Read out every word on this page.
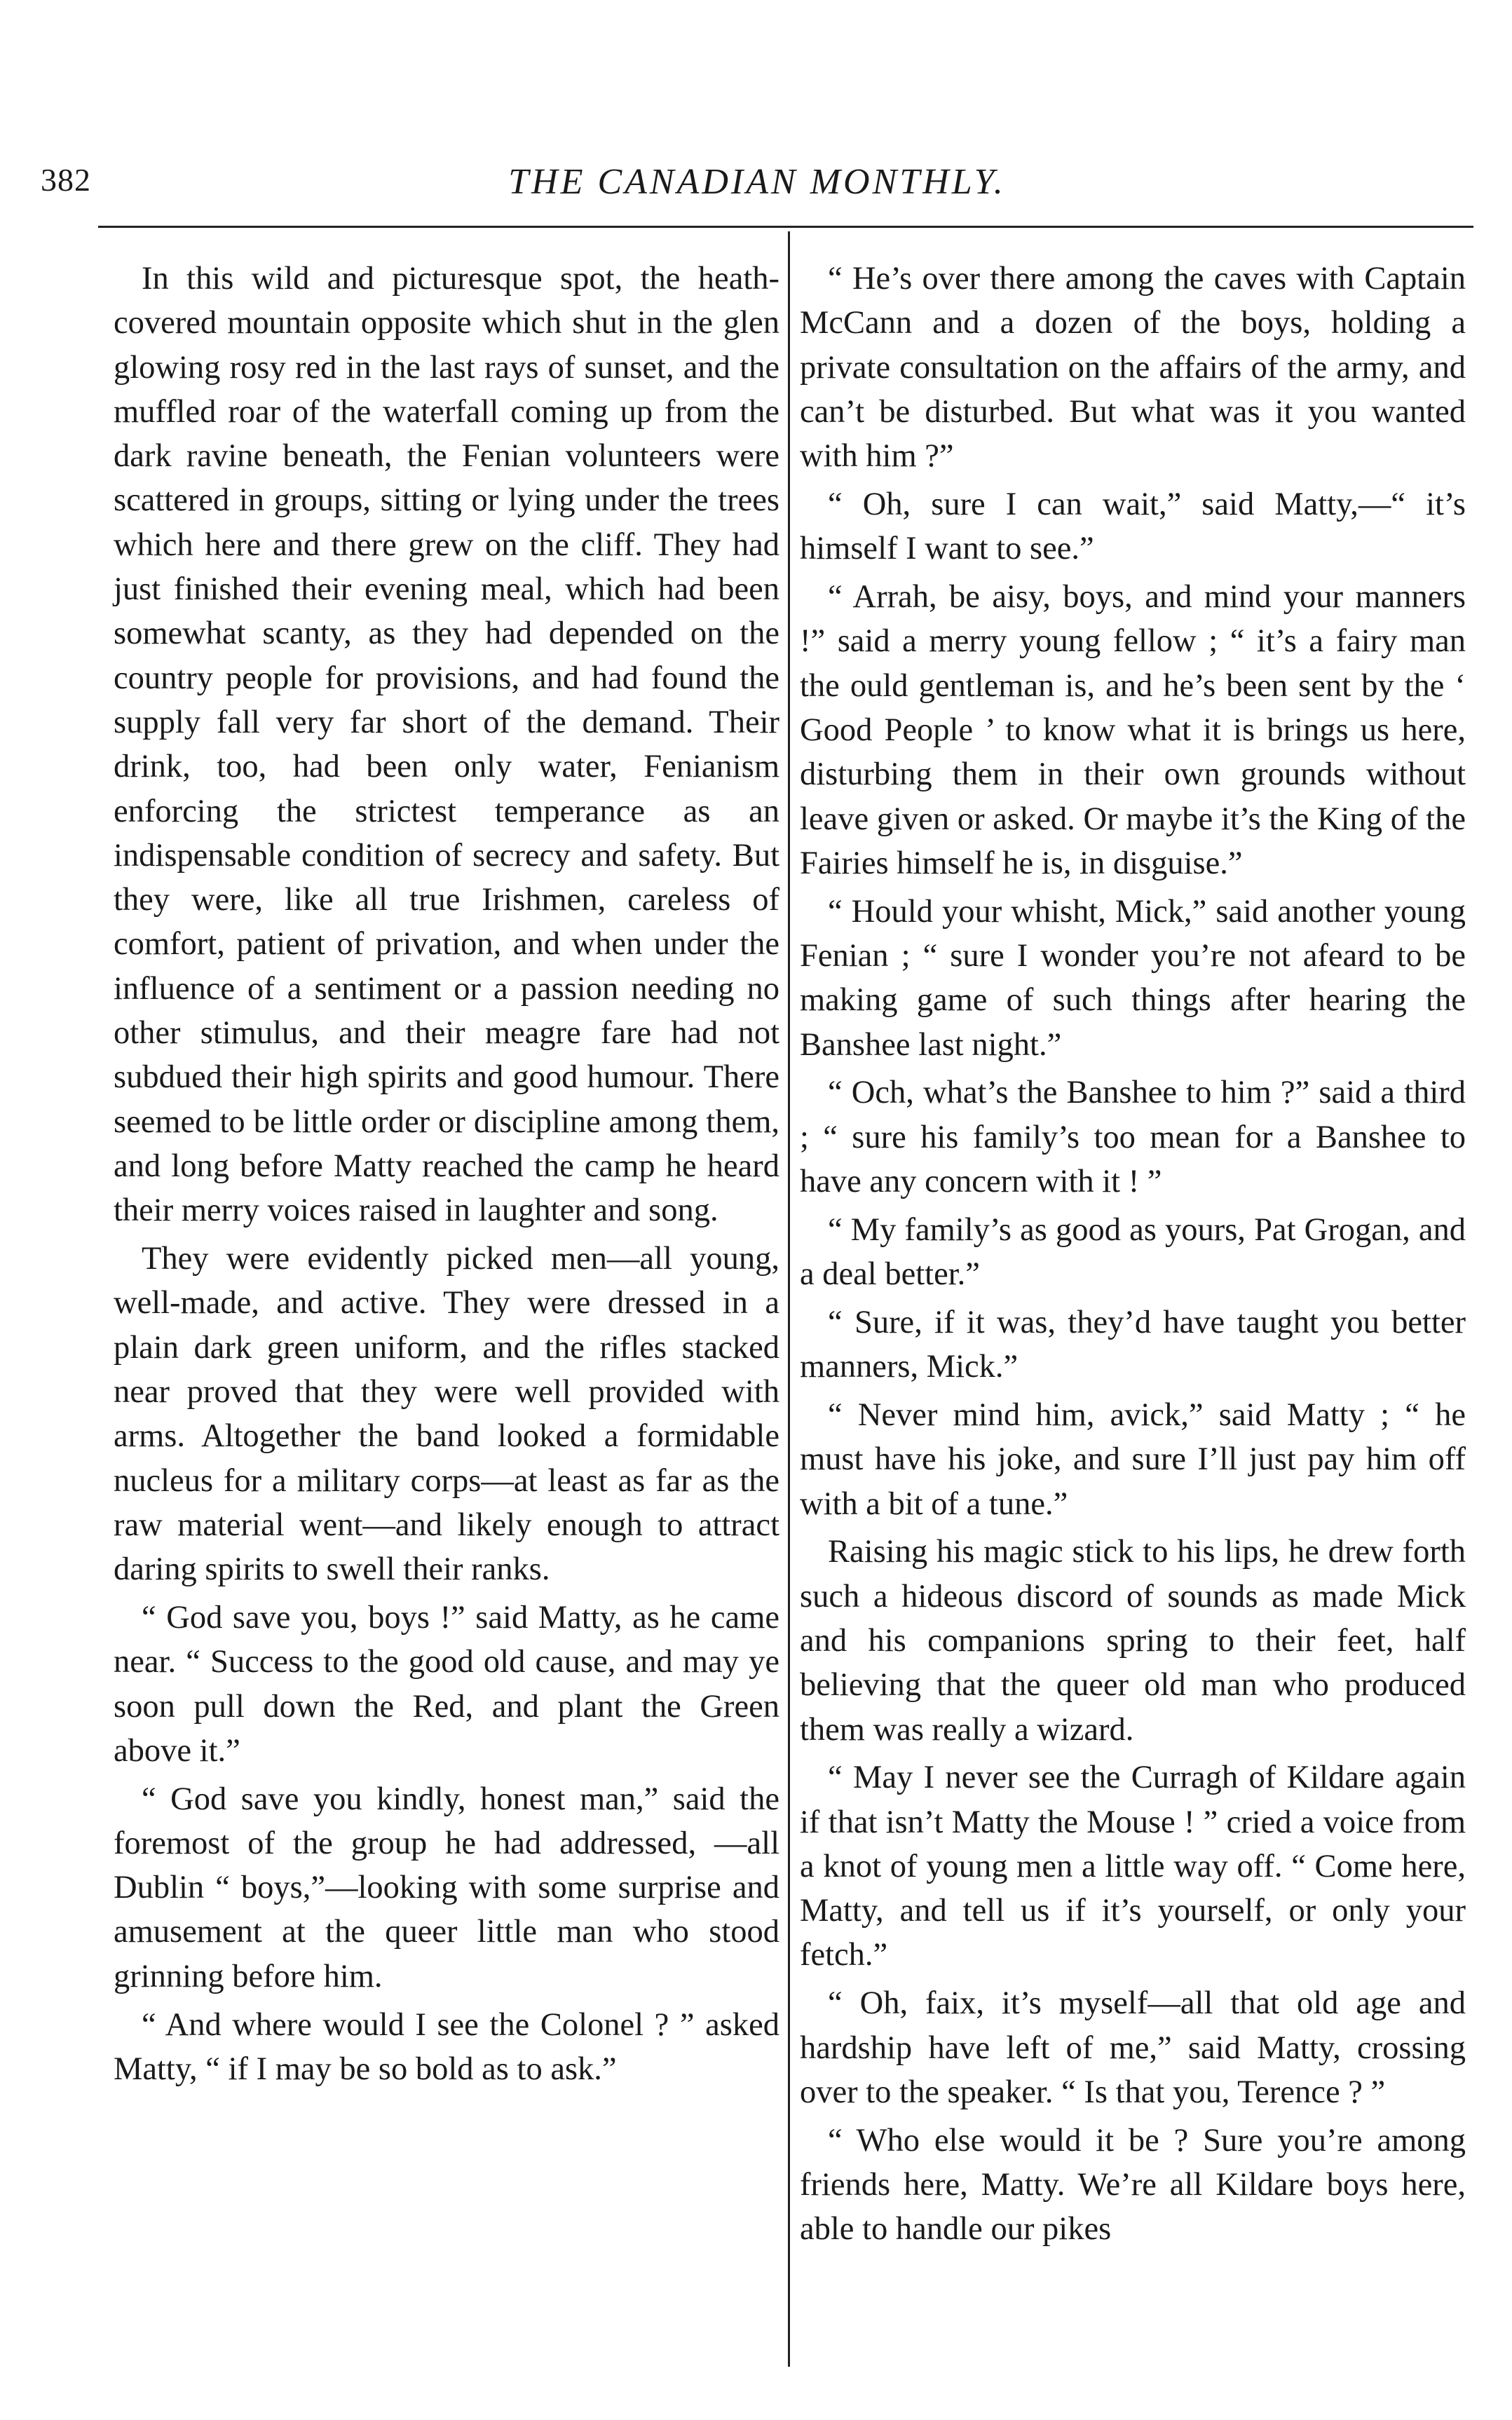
382	THE CANADIAN MONTHLY.

In this wild and picturesque spot, the heath-covered mountain opposite which shut in the glen glowing rosy red in the last rays of sunset, and the muffled roar of the waterfall coming up from the dark ravine beneath, the Fenian volunteers were scattered in groups, sitting or lying under the trees which here and there grew on the cliff. They had just finished their evening meal, which had been somewhat scanty, as they had depended on the country people for provisions, and had found the supply fall very far short of the demand. Their drink, too, had been only water, Fenianism enforcing the strictest temperance as an indispensable condition of secrecy and safety. But they were, like all true Irishmen, careless of comfort, patient of privation, and when under the influence of a sentiment or a passion needing no other stimulus, and their meagre fare had not subdued their high spirits and good humour. There seemed to be little order or discipline among them, and long before Matty reached the camp he heard their merry voices raised in laughter and song.

They were evidently picked men—all young, well-made, and active. They were dressed in a plain dark green uniform, and the rifles stacked near proved that they were well provided with arms. Altogether the band looked a formidable nucleus for a military corps—at least as far as the raw material went—and likely enough to attract daring spirits to swell their ranks.

“ God save you, boys !” said Matty, as he came near. “ Success to the good old cause, and may ye soon pull down the Red, and plant the Green above it.”

“ God save you kindly, honest man,” said the foremost of the group he had addressed, —all Dublin “ boys,”—looking with some surprise and amusement at the queer little man who stood grinning before him.

“ And where would I see the Colonel ? ” asked Matty, “ if I may be so bold as to ask.”

“ He’s over there among the caves with Captain McCann and a dozen of the boys, holding a private consultation on the affairs of the army, and can’t be disturbed. But what was it you wanted with him ?”

“ Oh, sure I can wait,” said Matty,—“ it’s himself I want to see.”

“ Arrah, be aisy, boys, and mind your manners !” said a merry young fellow ; “ it’s a fairy man the ould gentleman is, and he’s been sent by the ‘ Good People ’ to know what it is brings us here, disturbing them in their own grounds without leave given or asked. Or maybe it’s the King of the Fairies himself he is, in disguise.”

“ Hould your whisht, Mick,” said another young Fenian ; “ sure I wonder you’re not afeard to be making game of such things after hearing the Banshee last night.”

“ Och, what’s the Banshee to him ?” said a third ; “ sure his family’s too mean for a Banshee to have any concern with it ! ”

“ My family’s as good as yours, Pat Grogan, and a deal better.”

“ Sure, if it was, they’d have taught you better manners, Mick.”

“ Never mind him, avick,” said Matty ; “ he must have his joke, and sure I’ll just pay him off with a bit of a tune.”

Raising his magic stick to his lips, he drew forth such a hideous discord of sounds as made Mick and his companions spring to their feet, half believing that the queer old man who produced them was really a wizard.

“ May I never see the Curragh of Kildare again if that isn’t Matty the Mouse ! ” cried a voice from a knot of young men a little way off. “ Come here, Matty, and tell us if it’s yourself, or only your fetch.”

“ Oh, faix, it’s myself—all that old age and hardship have left of me,” said Matty, crossing over to the speaker. “ Is that you, Terence ? ”

“ Who else would it be ? Sure you’re among friends here, Matty. We’re all Kildare boys here, able to handle our pikes
